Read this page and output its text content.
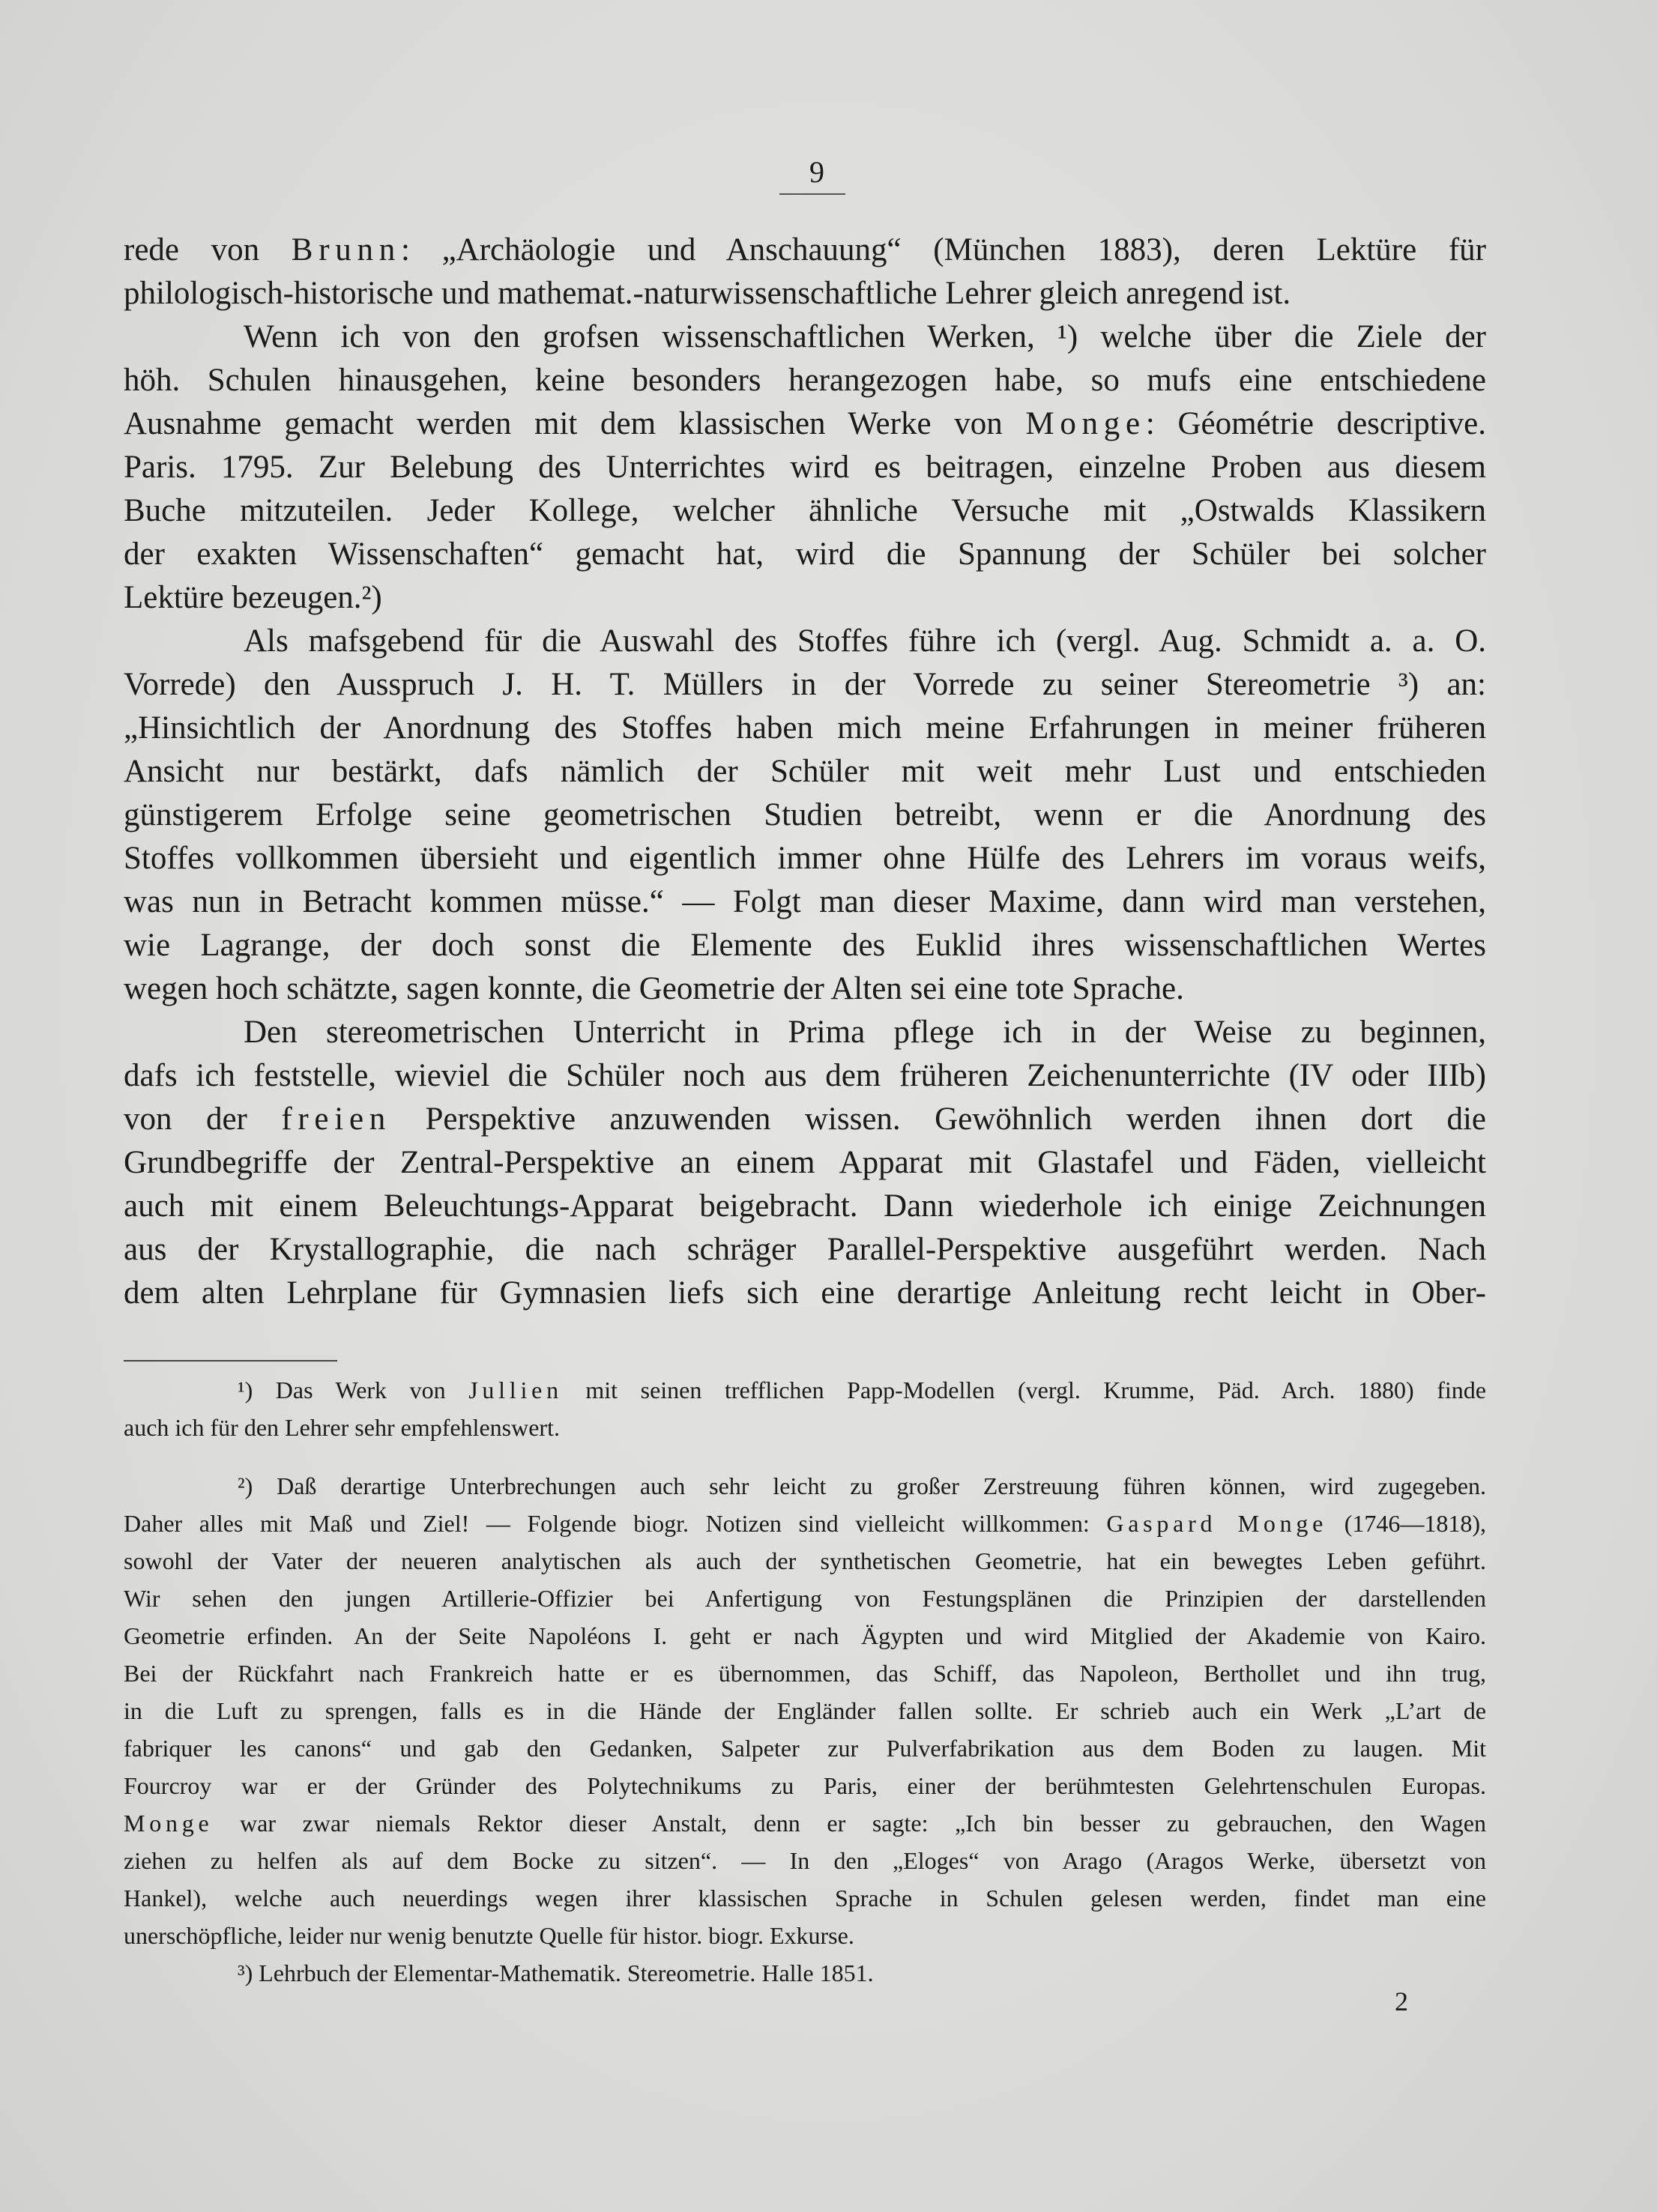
9
rede von Brunn: „Archäologie und Anschauung“ (München 1883), deren Lektüre für
philologisch-historische und mathemat.-naturwissenschaftliche Lehrer gleich anregend ist.
Wenn ich von den grofsen wissenschaftlichen Werken, ¹) welche über die Ziele der
höh. Schulen hinausgehen, keine besonders herangezogen habe, so mufs eine entschiedene
Ausnahme gemacht werden mit dem klassischen Werke von Monge: Géométrie descriptive.
Paris. 1795. Zur Belebung des Unterrichtes wird es beitragen, einzelne Proben aus diesem
Buche mitzuteilen. Jeder Kollege, welcher ähnliche Versuche mit „Ostwalds Klassikern
der exakten Wissenschaften“ gemacht hat, wird die Spannung der Schüler bei solcher
Lektüre bezeugen.²)
Als mafsgebend für die Auswahl des Stoffes führe ich (vergl. Aug. Schmidt a. a. O.
Vorrede) den Ausspruch J. H. T. Müllers in der Vorrede zu seiner Stereometrie ³) an:
„Hinsichtlich der Anordnung des Stoffes haben mich meine Erfahrungen in meiner früheren
Ansicht nur bestärkt, dafs nämlich der Schüler mit weit mehr Lust und entschieden
günstigerem Erfolge seine geometrischen Studien betreibt, wenn er die Anordnung des
Stoffes vollkommen übersieht und eigentlich immer ohne Hülfe des Lehrers im voraus weifs,
was nun in Betracht kommen müsse.“ — Folgt man dieser Maxime, dann wird man verstehen,
wie Lagrange, der doch sonst die Elemente des Euklid ihres wissenschaftlichen Wertes
wegen hoch schätzte, sagen konnte, die Geometrie der Alten sei eine tote Sprache.
Den stereometrischen Unterricht in Prima pflege ich in der Weise zu beginnen,
dafs ich feststelle, wieviel die Schüler noch aus dem früheren Zeichenunterrichte (IV oder IIIb)
von der freien Perspektive anzuwenden wissen. Gewöhnlich werden ihnen dort die
Grundbegriffe der Zentral-Perspektive an einem Apparat mit Glastafel und Fäden, vielleicht
auch mit einem Beleuchtungs-Apparat beigebracht. Dann wiederhole ich einige Zeichnungen
aus der Krystallographie, die nach schräger Parallel-Perspektive ausgeführt werden. Nach
dem alten Lehrplane für Gymnasien liefs sich eine derartige Anleitung recht leicht in Ober-
¹) Das Werk von Jullien mit seinen trefflichen Papp-Modellen (vergl. Krumme, Päd. Arch. 1880) finde
auch ich für den Lehrer sehr empfehlenswert.
²) Daß derartige Unterbrechungen auch sehr leicht zu großer Zerstreuung führen können, wird zugegeben.
Daher alles mit Maß und Ziel! — Folgende biogr. Notizen sind vielleicht willkommen: Gaspard Monge (1746—1818),
sowohl der Vater der neueren analytischen als auch der synthetischen Geometrie, hat ein bewegtes Leben geführt.
Wir sehen den jungen Artillerie-Offizier bei Anfertigung von Festungsplänen die Prinzipien der darstellenden
Geometrie erfinden. An der Seite Napoléons I. geht er nach Ägypten und wird Mitglied der Akademie von Kairo.
Bei der Rückfahrt nach Frankreich hatte er es übernommen, das Schiff, das Napoleon, Berthollet und ihn trug,
in die Luft zu sprengen, falls es in die Hände der Engländer fallen sollte. Er schrieb auch ein Werk „L’art de
fabriquer les canons“ und gab den Gedanken, Salpeter zur Pulverfabrikation aus dem Boden zu laugen. Mit
Fourcroy war er der Gründer des Polytechnikums zu Paris, einer der berühmtesten Gelehrtenschulen Europas.
Monge war zwar niemals Rektor dieser Anstalt, denn er sagte: „Ich bin besser zu gebrauchen, den Wagen
ziehen zu helfen als auf dem Bocke zu sitzen“. — In den „Eloges“ von Arago (Aragos Werke, übersetzt von
Hankel), welche auch neuerdings wegen ihrer klassischen Sprache in Schulen gelesen werden, findet man eine
unerschöpfliche, leider nur wenig benutzte Quelle für histor. biogr. Exkurse.
³) Lehrbuch der Elementar-Mathematik. Stereometrie. Halle 1851.
2
